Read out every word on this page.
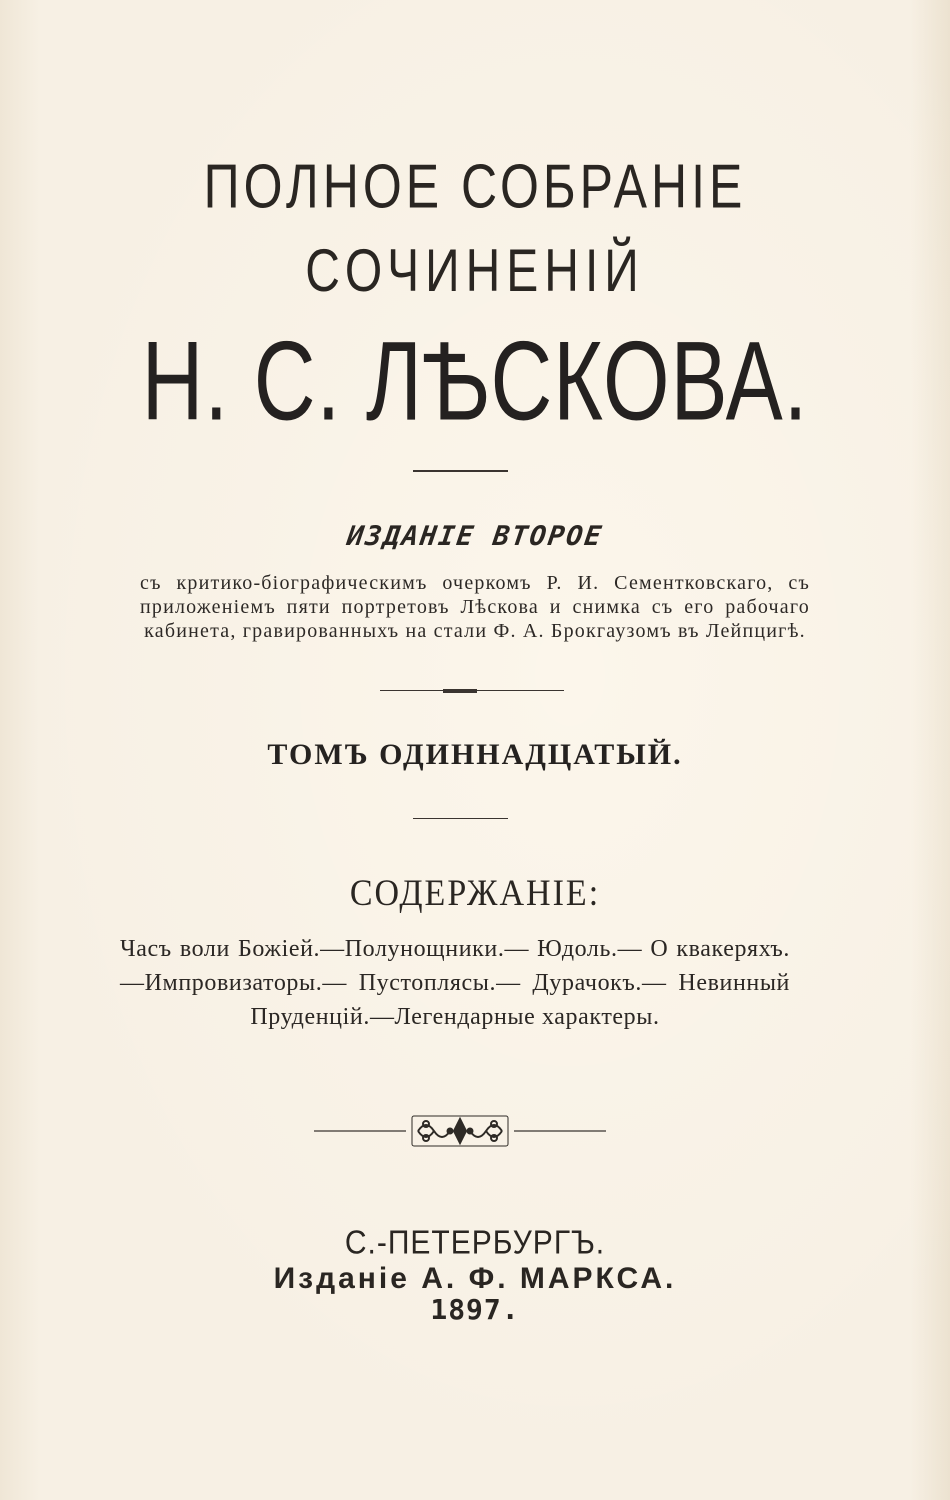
ПОЛНОЕ СОБРАНІЕ
СОЧИНЕНІЙ
Н. С. ЛѢСКОВА.
ИЗДАНІЕ ВТОРОЕ
съ критико-біографическимъ очеркомъ Р. И. Сементковскаго, съ приложеніемъ пяти портретовъ Лѣскова и снимка съ его рабочаго кабинета, гравированныхъ на стали Ф. А. Брокгаузомъ въ Лейпцигѣ.
ТОМЪ ОДИННАДЦАТЫЙ.
СОДЕРЖАНІЕ:
Часъ воли Божіей.—Полунощники.— Юдоль.— О квакеряхъ.—Импровизаторы.— Пустоплясы.— Дурачокъ.— Невинный Пруденцій.—Легендарные характеры.
С.-ПЕТЕРБУРГЪ.
Изданіе А. Ф. МАРКСА.
1897.
